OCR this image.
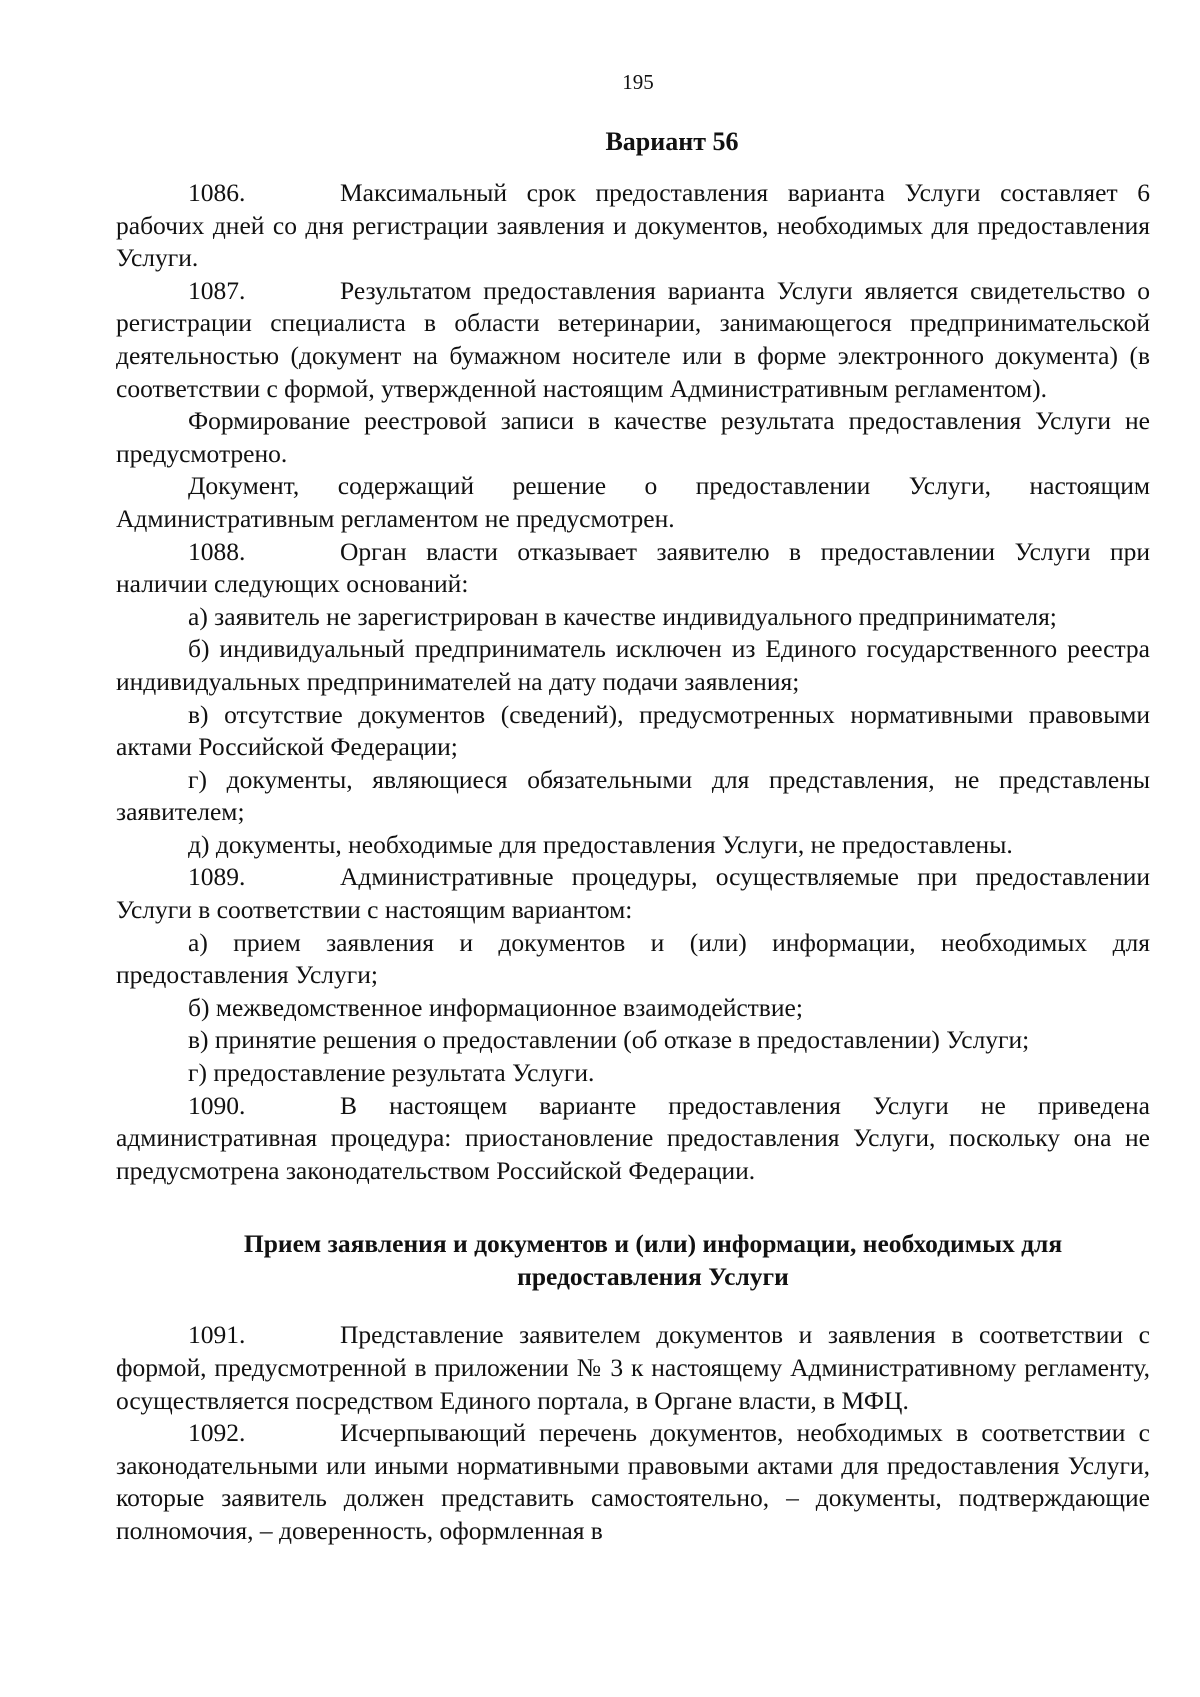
195
Вариант 56

1086.	Максимальный срок предоставления варианта Услуги составляет 6 рабочих дней со дня регистрации заявления и документов, необходимых для предоставления Услуги.

1087.	Результатом предоставления варианта Услуги является свидетельство о регистрации специалиста в области ветеринарии, занимающегося предпринимательской деятельностью (документ на бумажном носителе или в форме электронного документа) (в соответствии с формой, утвержденной настоящим Административным регламентом).

Формирование реестровой записи в качестве результата предоставления Услуги не предусмотрено.

Документ, содержащий решение о предоставлении Услуги, настоящим Административным регламентом не предусмотрен.

1088.	Орган власти отказывает заявителю в предоставлении Услуги при наличии следующих оснований:

а) заявитель не зарегистрирован в качестве индивидуального предпринимателя;

б) индивидуальный предприниматель исключен из Единого государственного реестра индивидуальных предпринимателей на дату подачи заявления;

в) отсутствие документов (сведений), предусмотренных нормативными правовыми актами Российской Федерации;

г) документы, являющиеся обязательными для представления, не представлены заявителем;

д) документы, необходимые для предоставления Услуги, не предоставлены.

1089.	Административные процедуры, осуществляемые при предоставлении Услуги в соответствии с настоящим вариантом:

а) прием заявления и документов и (или) информации, необходимых для предоставления Услуги;

б) межведомственное информационное взаимодействие;

в) принятие решения о предоставлении (об отказе в предоставлении) Услуги;

г) предоставление результата Услуги.

1090.	В настоящем варианте предоставления Услуги не приведена административная процедура: приостановление предоставления Услуги, поскольку она не предусмотрена законодательством Российской Федерации.

Прием заявления и документов и (или) информации, необходимых для предоставления Услуги

1091.	Представление заявителем документов и заявления в соответствии с формой, предусмотренной в приложении № 3 к настоящему Административному регламенту, осуществляется посредством Единого портала, в Органе власти, в МФЦ.

1092.	Исчерпывающий перечень документов, необходимых в соответствии с законодательными или иными нормативными правовыми актами для предоставления Услуги, которые заявитель должен представить самостоятельно, – документы, подтверждающие полномочия, – доверенность, оформленная в
